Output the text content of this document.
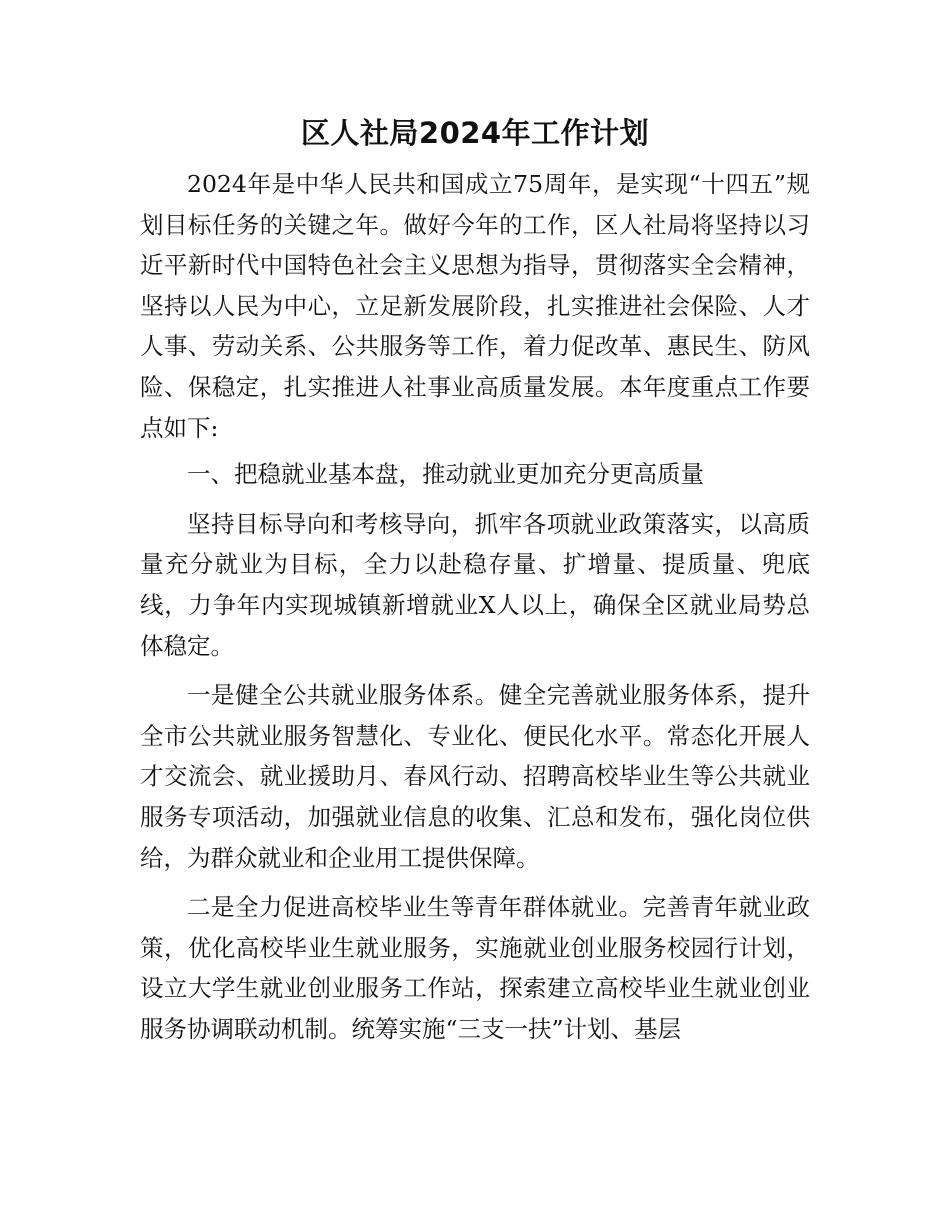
区人社局2024年工作计划

2024年是中华人民共和国成立75周年，是实现“十四五”规划目标任务的关键之年。做好今年的工作，区人社局将坚持以习近平新时代中国特色社会主义思想为指导，贯彻落实全会精神，坚持以人民为中心，立足新发展阶段，扎实推进社会保险、人才人事、劳动关系、公共服务等工作，着力促改革、惠民生、防风险、保稳定，扎实推进人社事业高质量发展。本年度重点工作要点如下:

一、把稳就业基本盘，推动就业更加充分更高质量

坚持目标导向和考核导向，抓牢各项就业政策落实，以高质量充分就业为目标，全力以赴稳存量、扩增量、提质量、兜底线，力争年内实现城镇新增就业X人以上，确保全区就业局势总体稳定。

一是健全公共就业服务体系。健全完善就业服务体系，提升全市公共就业服务智慧化、专业化、便民化水平。常态化开展人才交流会、就业援助月、春风行动、招聘高校毕业生等公共就业服务专项活动，加强就业信息的收集、汇总和发布，强化岗位供给，为群众就业和企业用工提供保障。

二是全力促进高校毕业生等青年群体就业。完善青年就业政策，优化高校毕业生就业服务，实施就业创业服务校园行计划，设立大学生就业创业服务工作站，探索建立高校毕业生就业创业服务协调联动机制。统筹实施“三支一扶”计划、基层
